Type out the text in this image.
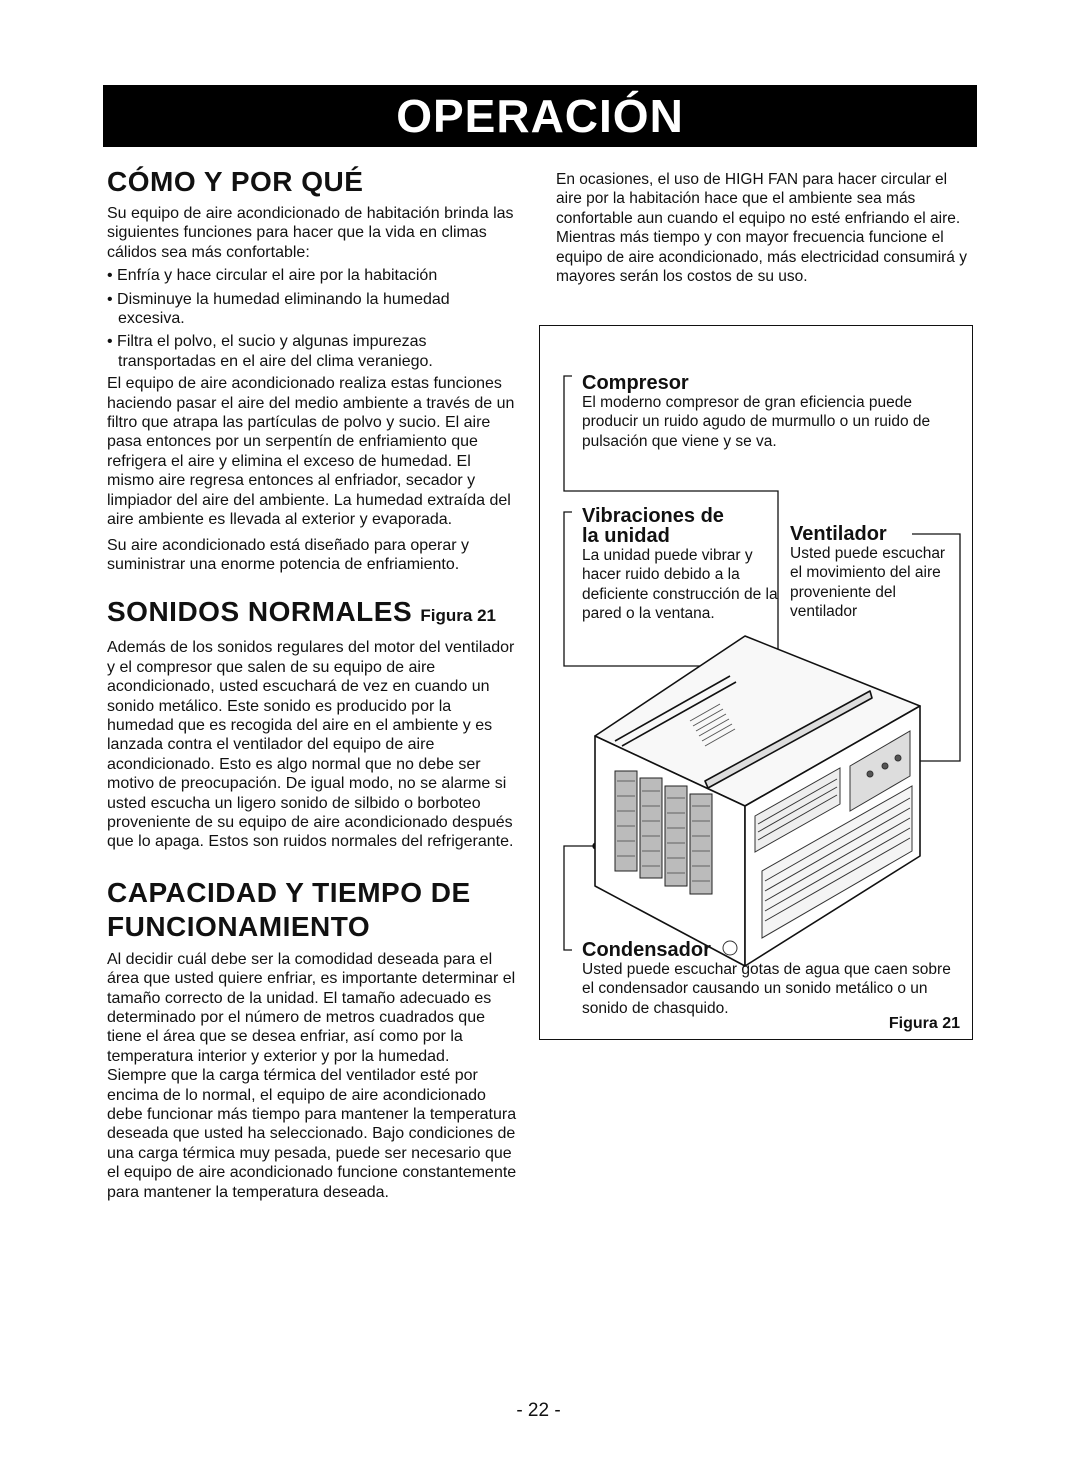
OPERACIÓN
CÓMO Y POR QUÉ

Su equipo de aire acondicionado de habitación brinda las siguientes funciones para hacer que la vida en climas cálidos sea más confortable:

• Enfría y hace circular el aire por la habitación
• Disminuye la humedad eliminando la humedad excesiva.
• Filtra el polvo, el sucio y algunas impurezas transportadas en el aire del clima veraniego.

El equipo de aire acondicionado realiza estas funciones haciendo pasar el aire del medio ambiente a través de un filtro que atrapa las partículas de polvo y sucio. El aire pasa entonces por un serpentín de enfriamiento que refrigera el aire y elimina el exceso de humedad. El mismo aire regresa entonces al enfriador, secador y limpiador del aire del ambiente. La humedad extraída del aire ambiente es llevada al exterior y evaporada.

Su aire acondicionado está diseñado para operar y suministrar una enorme potencia de enfriamiento.

SONIDOS NORMALES Figura 21

Además de los sonidos regulares del motor del ventilador y el compresor que salen de su equipo de aire acondicionado, usted escuchará de vez en cuando un sonido metálico. Este sonido es producido por la humedad que es recogida del aire en el ambiente y es lanzada contra el ventilador del equipo de aire acondicionado. Esto es algo normal que no debe ser motivo de preocupación. De igual modo, no se alarme si usted escucha un ligero sonido de silbido o borboteo proveniente de su equipo de aire acondicionado después que lo apaga. Estos son ruidos normales del refrigerante.

CAPACIDAD Y TIEMPO DE
FUNCIONAMIENTO

Al decidir cuál debe ser la comodidad deseada para el área que usted quiere enfriar, es importante determinar el tamaño correcto de la unidad. El tamaño adecuado es determinado por el número de metros cuadrados que tiene el área que se desea enfriar, así como por la temperatura interior y exterior y por la humedad.

Siempre que la carga térmica del ventilador esté por encima de lo normal, el equipo de aire acondicionado debe funcionar más tiempo para mantener la temperatura deseada que usted ha seleccionado. Bajo condiciones de una carga térmica muy pesada, puede ser necesario que el equipo de aire acondicionado funcione constantemente para mantener la temperatura deseada.

En ocasiones, el uso de HIGH FAN para hacer circular el aire por la habitación hace que el ambiente sea más confortable aun cuando el equipo no esté enfriando el aire. Mientras más tiempo y con mayor frecuencia funcione el equipo de aire acondicionado, más electricidad consumirá y mayores serán los costos de su uso.

Compresor
El moderno compresor de gran eficiencia puede producir un ruido agudo de murmullo o un ruido de pulsación que viene y se va.
Vibraciones de
la unidad
La unidad puede vibrar y hacer ruido debido a la deficiente construcción de la pared o la ventana.
Ventilador
Usted puede escuchar el movimiento del aire proveniente del ventilador
Condensador
Usted puede escuchar gotas de agua que caen sobre el condensador causando un sonido metálico o un sonido de chasquido.
Figura 21
- 22 -
